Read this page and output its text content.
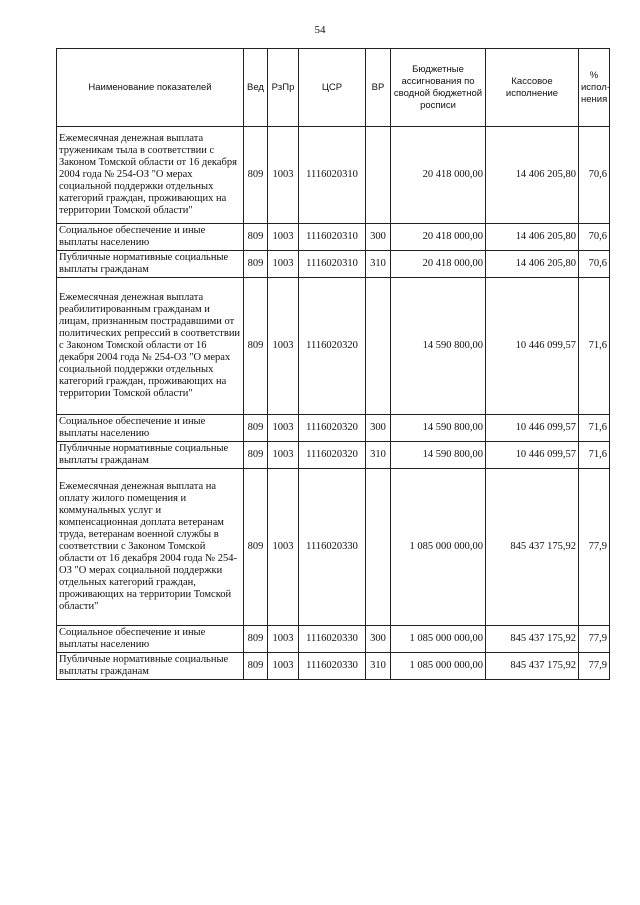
54
Наименование показателей	Вед	РзПр	ЦСР	ВР	Бюджетные ассигнования по сводной бюджетной росписи	Кассовое исполнение	% испол-нения
Ежемесячная денежная выплата труженикам тыла в соответствии с Законом Томской области от 16 декабря 2004 года № 254-ОЗ "О мерах социальной поддержки отдельных категорий граждан, проживающих на территории Томской области"	809	1003	1116020310		20 418 000,00	14 406 205,80	70,6
Социальное обеспечение и иные выплаты населению	809	1003	1116020310	300	20 418 000,00	14 406 205,80	70,6
Публичные нормативные социальные выплаты гражданам	809	1003	1116020310	310	20 418 000,00	14 406 205,80	70,6
Ежемесячная денежная выплата реабилитированным гражданам и лицам, признанным пострадавшими от политических репрессий в соответствии с Законом Томской области от 16 декабря 2004 года № 254-ОЗ "О мерах социальной поддержки отдельных категорий граждан, проживающих на территории Томской области"	809	1003	1116020320		14 590 800,00	10 446 099,57	71,6
Социальное обеспечение и иные выплаты населению	809	1003	1116020320	300	14 590 800,00	10 446 099,57	71,6
Публичные нормативные социальные выплаты гражданам	809	1003	1116020320	310	14 590 800,00	10 446 099,57	71,6
Ежемесячная денежная выплата на оплату жилого помещения и коммунальных услуг и компенсационная доплата ветеранам труда, ветеранам военной службы в соответствии с Законом Томской области от 16 декабря 2004 года № 254-ОЗ "О мерах социальной поддержки отдельных категорий граждан, проживающих на территории Томской области"	809	1003	1116020330		1 085 000 000,00	845 437 175,92	77,9
Социальное обеспечение и иные выплаты населению	809	1003	1116020330	300	1 085 000 000,00	845 437 175,92	77,9
Публичные нормативные социальные выплаты гражданам	809	1003	1116020330	310	1 085 000 000,00	845 437 175,92	77,9
